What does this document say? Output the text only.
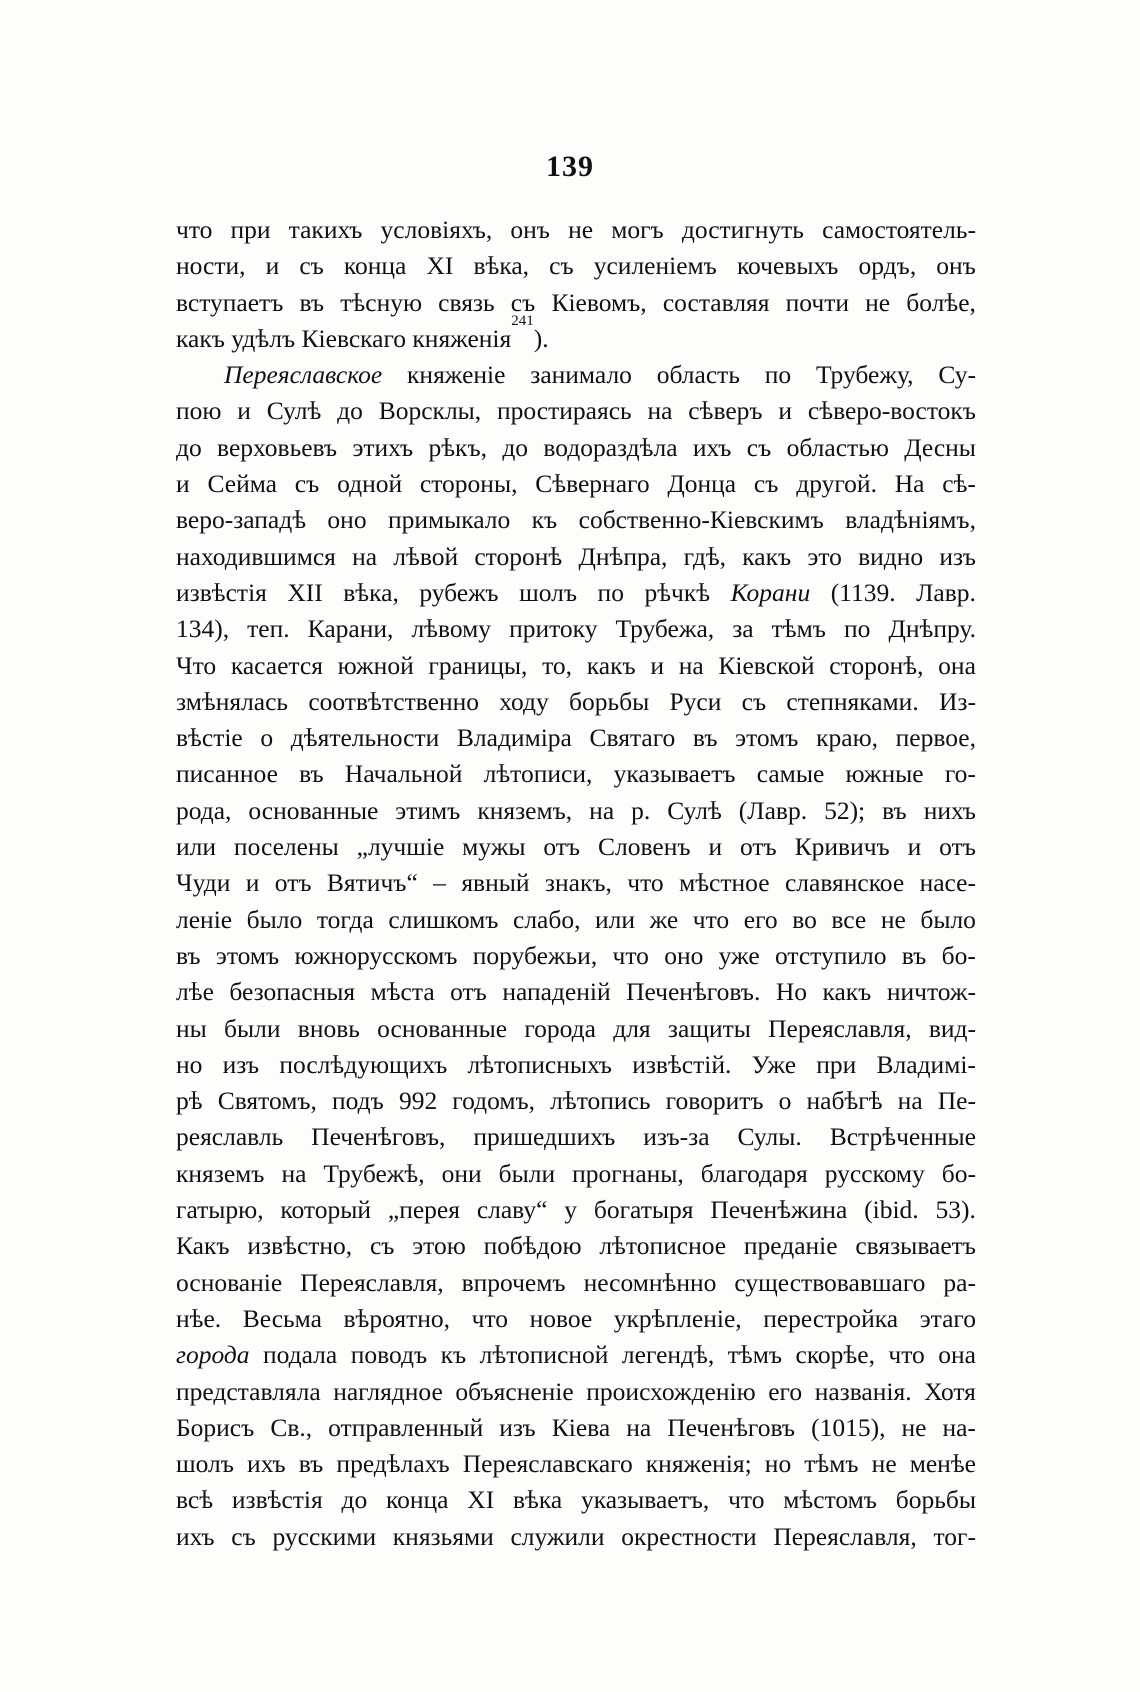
139
что при такихъ условіяхъ, онъ не могъ достигнуть самостоятель-
ности, и съ конца XI вѣка, съ усиленіемъ кочевыхъ ордъ, онъ
вступаетъ въ тѣсную связь съ Кіевомъ, составляя почти не болѣе,
какъ удѣлъ Кіевскаго княженія
241
).
Переяславское княженіе занимало область по Трубежу, Су-
пою и Сулѣ до Ворсклы, простираясь на сѣверъ и сѣверо-востокъ
до верховьевъ этихъ рѣкъ, до водораздѣла ихъ съ областью Десны
и Сейма съ одной стороны, Сѣвернаго Донца съ другой. На сѣ-
веро-западѣ оно примыкало къ собственно-Кіевскимъ владѣніямъ,
находившимся на лѣвой сторонѣ Днѣпра, гдѣ, какъ это видно изъ
извѣстія XII вѣка, рубежъ шолъ по рѣчкѣ Корани (1139. Лавр.
134), теп. Карани, лѣвому притоку Трубежа, за тѣмъ по Днѣпру.
Что касается южной границы, то, какъ и на Кіевской сторонѣ, она
змѣнялась соотвѣтственно ходу борьбы Руси съ степняками. Из-
вѣстіе о дѣятельности Владиміра Святаго въ этомъ краю, первое,
писанное въ Начальной лѣтописи, указываетъ самые южные го-
рода, основанные этимъ княземъ, на р. Сулѣ (Лавр. 52); въ нихъ
или поселены „лучшіе мужы отъ Словенъ и отъ Кривичъ и отъ
Чуди и отъ Вятичъ“ – явный знакъ, что мѣстное славянское насе-
леніе было тогда слишкомъ слабо, или же что его во все не было
въ этомъ южнорусскомъ порубежьи, что оно уже отступило въ бо-
лѣе безопасныя мѣста отъ нападеній Печенѣговъ. Но какъ ничтож-
ны были вновь основанные города для защиты Переяславля, вид-
но изъ послѣдующихъ лѣтописныхъ извѣстій. Уже при Владимі-
рѣ Святомъ, подъ 992 годомъ, лѣтопись говоритъ о набѣгѣ на Пе-
реяславль Печенѣговъ, пришедшихъ изъ-за Сулы. Встрѣченные
княземъ на Трубежѣ, они были прогнаны, благодаря русскому бо-
гатырю, который „перея славу“ у богатыря Печенѣжина (ibid. 53).
Какъ извѣстно, съ этою побѣдою лѣтописное преданіе связываетъ
основаніе Переяславля, впрочемъ несомнѣнно существовавшаго ра-
нѣе. Весьма вѣроятно, что новое укрѣпленіе, перестройка этаго
города подала поводъ къ лѣтописной легендѣ, тѣмъ скорѣе, что она
представляла наглядное объясненіе происхожденію его названія. Хотя
Борисъ Св., отправленный изъ Кіева на Печенѣговъ (1015), не на-
шолъ ихъ въ предѣлахъ Переяславскаго княженія; но тѣмъ не менѣе
всѣ извѣстія до конца XI вѣка указываетъ, что мѣстомъ борьбы
ихъ съ русскими князьями служили окрестности Переяславля, тог-
